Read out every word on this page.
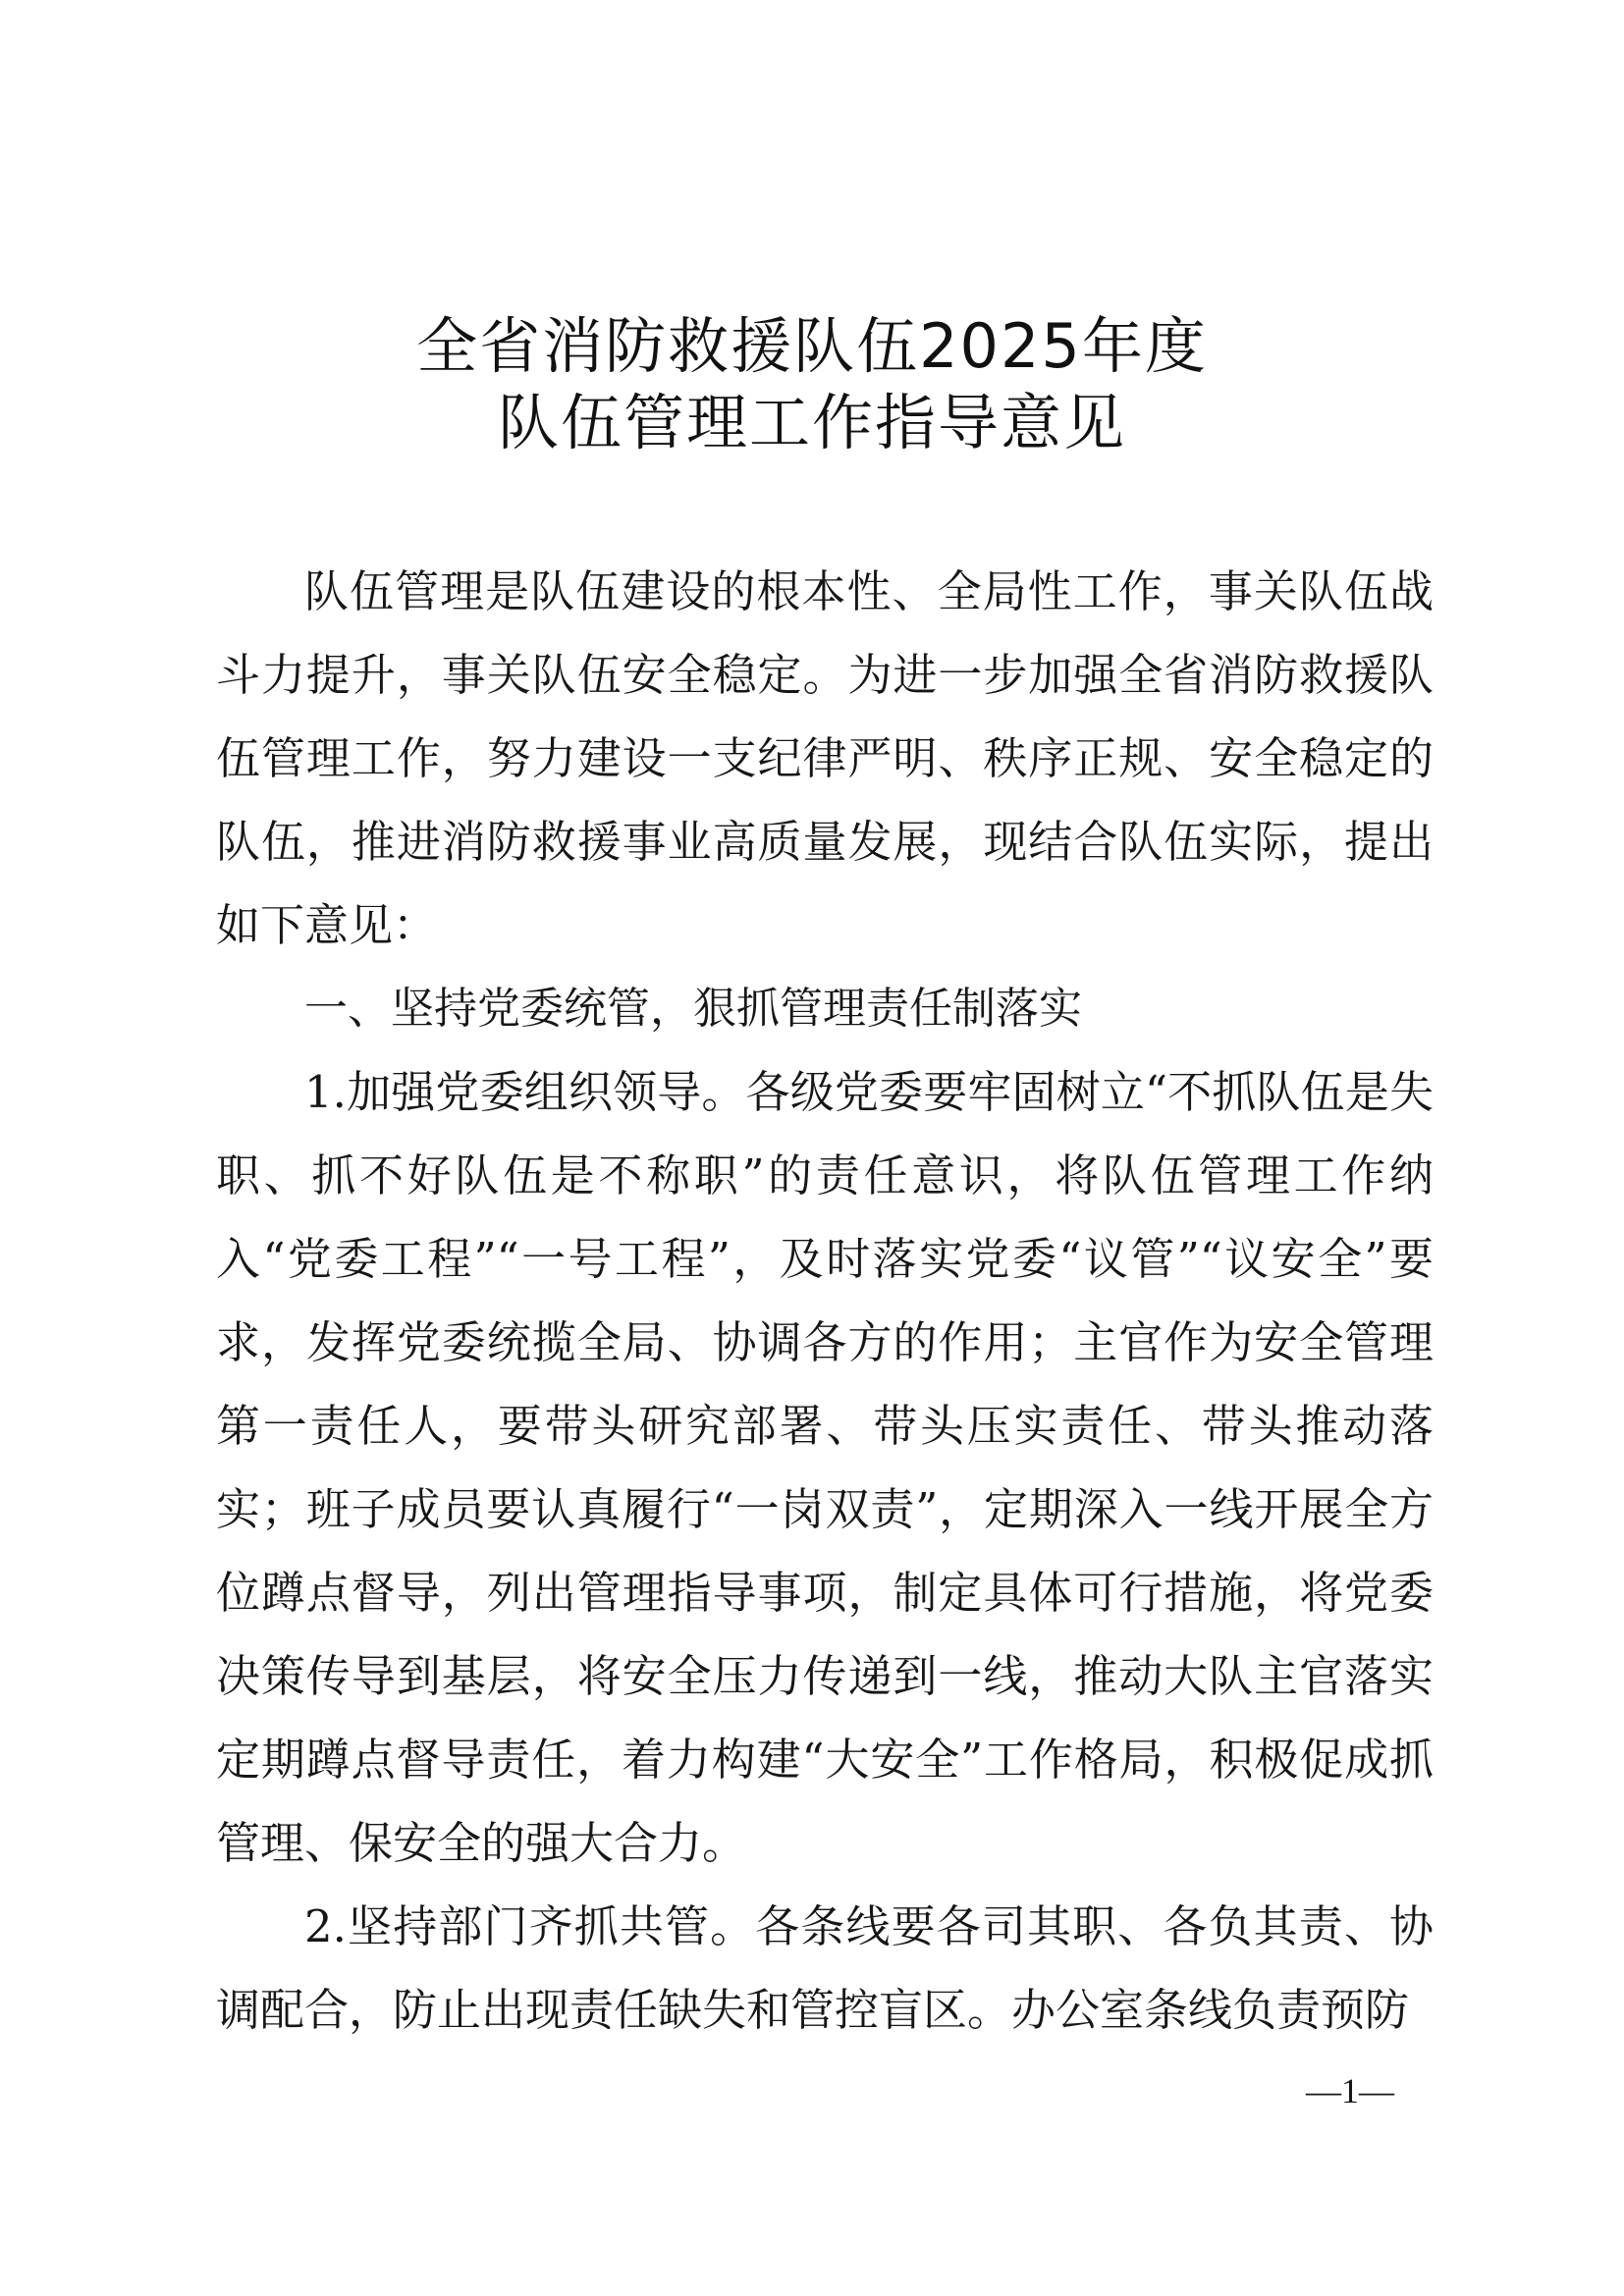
全省消防救援队伍2025年度
队伍管理工作指导意见

队伍管理是队伍建设的根本性、全局性工作，事关队伍战斗力提升，事关队伍安全稳定。为进一步加强全省消防救援队伍管理工作，努力建设一支纪律严明、秩序正规、安全稳定的队伍，推进消防救援事业高质量发展，现结合队伍实际，提出如下意见：

一、坚持党委统管，狠抓管理责任制落实

1.加强党委组织领导。各级党委要牢固树立“不抓队伍是失职、抓不好队伍是不称职”的责任意识，将队伍管理工作纳入“党委工程”“一号工程”，及时落实党委“议管”“议安全”要求，发挥党委统揽全局、协调各方的作用；主官作为安全管理第一责任人，要带头研究部署、带头压实责任、带头推动落实；班子成员要认真履行“一岗双责”，定期深入一线开展全方位蹲点督导，列出管理指导事项，制定具体可行措施，将党委决策传导到基层，将安全压力传递到一线，推动大队主官落实定期蹲点督导责任，着力构建“大安全”工作格局，积极促成抓管理、保安全的强大合力。

2.坚持部门齐抓共管。各条线要各司其职、各负其责、协调配合，防止出现责任缺失和管控盲区。办公室条线负责预防

—1—
